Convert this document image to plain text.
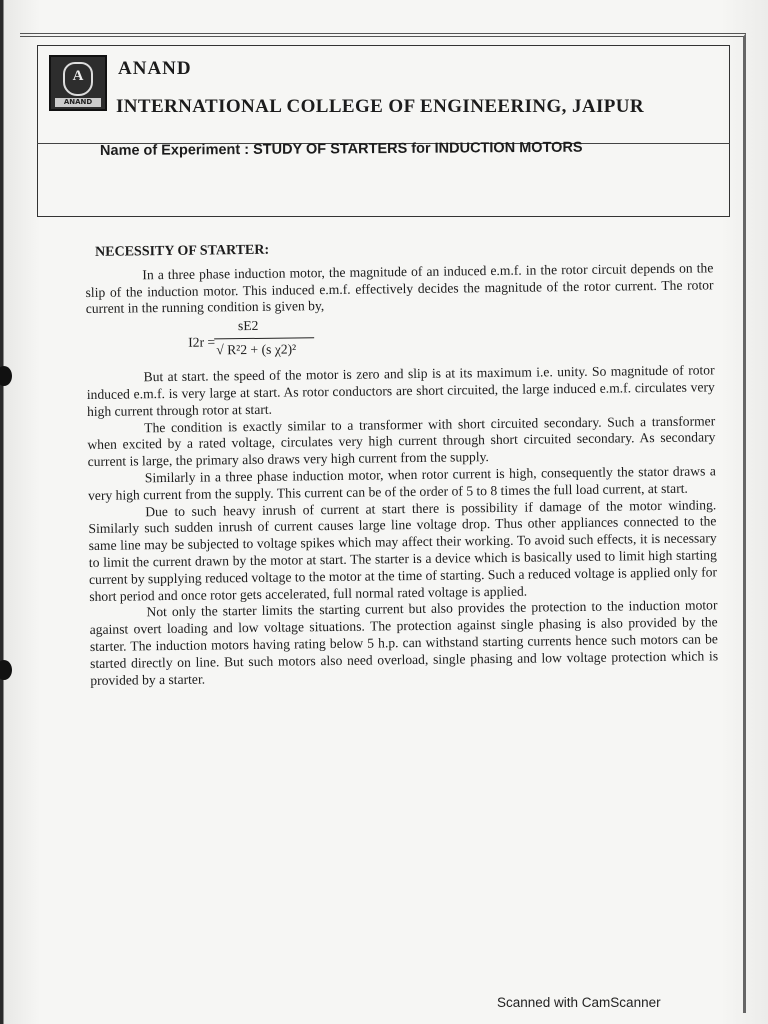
A
ANAND
ANAND
INTERNATIONAL COLLEGE OF ENGINEERING, JAIPUR
Name of Experiment : STUDY OF STARTERS for INDUCTION MOTORS
NECESSITY OF STARTER:

In a three phase induction motor, the magnitude of an induced e.m.f. in the rotor circuit depends on the slip of the induction motor. This induced e.m.f. effectively decides the magnitude of the rotor current. The rotor current in the running condition is given by,

I2r =
sE2
√ R²2 + (s χ2)²

But at start. the speed of the motor is zero and slip is at its maximum i.e. unity. So magnitude of rotor induced e.m.f. is very large at start. As rotor conductors are short circuited, the large induced e.m.f. circulates very high current through rotor at start.

The condition is exactly similar to a transformer with short circuited secondary. Such a transformer when excited by a rated voltage, circulates very high current through short circuited secondary. As secondary current is large, the primary also draws very high current from the supply.

Similarly in a three phase induction motor, when rotor current is high, consequently the stator draws a very high current from the supply. This current can be of the order of 5 to 8 times the full load current, at start.

Due to such heavy inrush of current at start there is possibility if damage of the motor winding. Similarly such sudden inrush of current causes large line voltage drop. Thus other appliances connected to the same line may be subjected to voltage spikes which may affect their working. To avoid such effects, it is necessary to limit the current drawn by the motor at start. The starter is a device which is basically used to limit high starting current by supplying reduced voltage to the motor at the time of starting. Such a reduced voltage is applied only for short period and once rotor gets accelerated, full normal rated voltage is applied.

Not only the starter limits the starting current but also provides the protection to the induction motor against overt loading and low voltage situations. The protection against single phasing is also provided by the starter. The induction motors having rating below 5 h.p. can withstand starting currents hence such motors can be started directly on line. But such motors also need overload, single phasing and low voltage protection which is provided by a starter.

Scanned with CamScanner
